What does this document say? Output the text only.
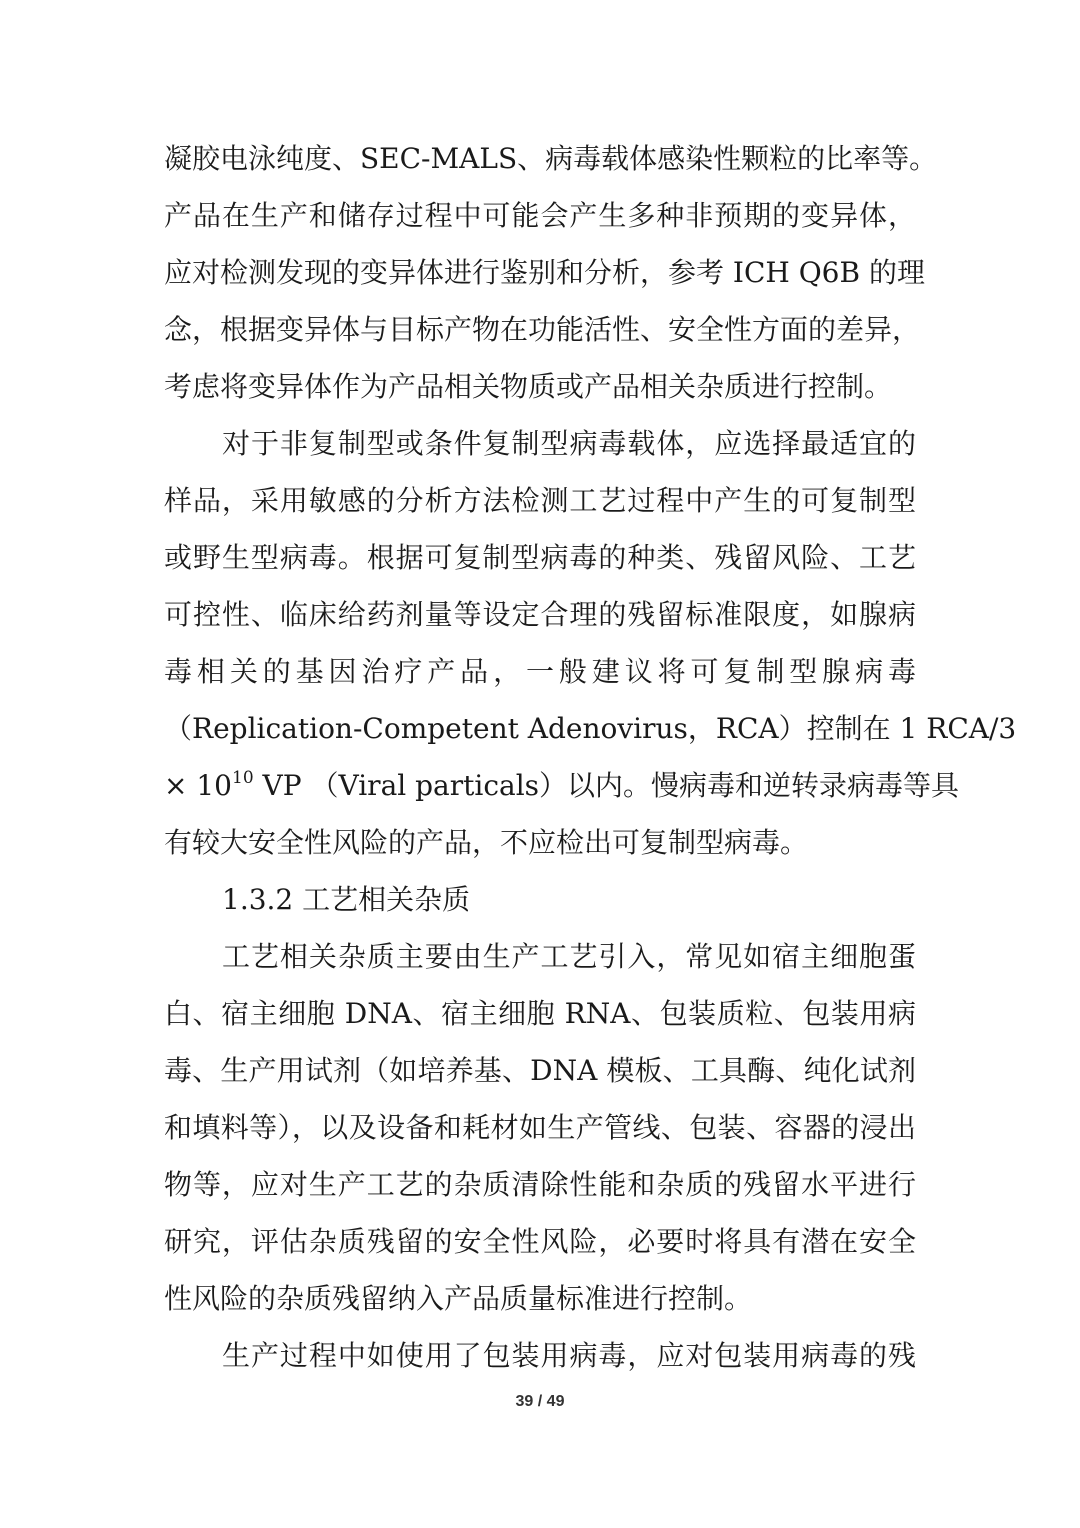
凝胶电泳纯度、SEC-MALS、病毒载体感染性颗粒的比率等。
产品在生产和储存过程中可能会产生多种非预期的变异体，
应对检测发现的变异体进行鉴别和分析，参考 ICH Q6B 的理
念，根据变异体与目标产物在功能活性、安全性方面的差异，
考虑将变异体作为产品相关物质或产品相关杂质进行控制。
对于非复制型或条件复制型病毒载体，应选择最适宜的
样品，采用敏感的分析方法检测工艺过程中产生的可复制型
或野生型病毒。根据可复制型病毒的种类、残留风险、工艺
可控性、临床给药剂量等设定合理的残留标准限度，如腺病
毒相关的基因治疗产品，一般建议将可复制型腺病毒
（Replication-Competent Adenovirus，RCA）控制在 1 RCA/3
× $10^{10}$ VP （Viral particals）以内。慢病毒和逆转录病毒等具
有较大安全性风险的产品，不应检出可复制型病毒。
1.3.2 工艺相关杂质
工艺相关杂质主要由生产工艺引入，常见如宿主细胞蛋
白、宿主细胞 DNA、宿主细胞 RNA、包装质粒、包装用病
毒、生产用试剂（如培养基、DNA 模板、工具酶、纯化试剂
和填料等），以及设备和耗材如生产管线、包装、容器的浸出
物等，应对生产工艺的杂质清除性能和杂质的残留水平进行
研究，评估杂质残留的安全性风险，必要时将具有潜在安全
性风险的杂质残留纳入产品质量标准进行控制。
生产过程中如使用了包装用病毒，应对包装用病毒的残
39 / 49
